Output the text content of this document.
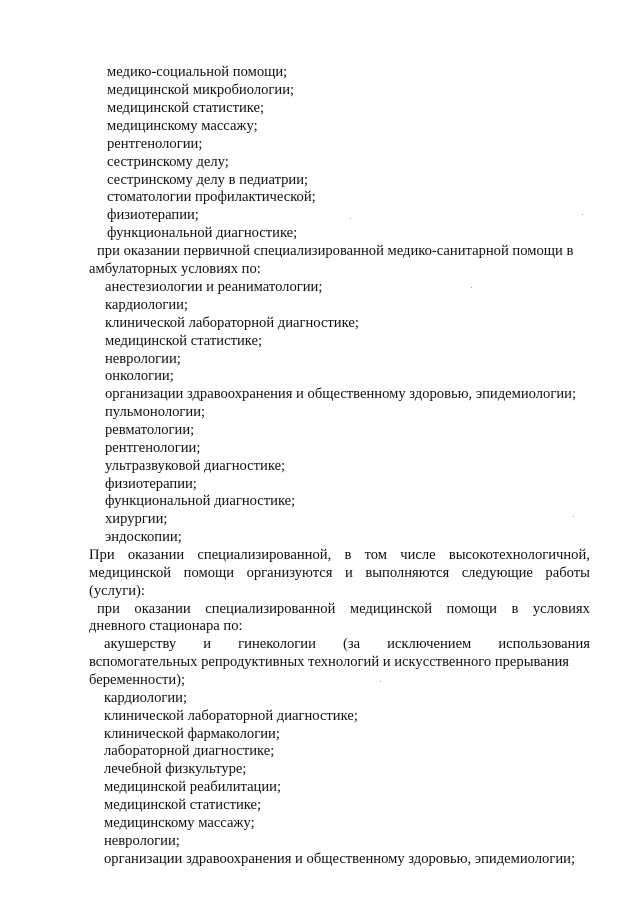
медико-социальной помощи;
медицинской микробиологии;
медицинской статистике;
медицинскому массажу;
рентгенологии;
сестринскому делу;
сестринскому делу в педиатрии;
стоматологии профилактической;
физиотерапии;
функциональной диагностике;
при оказании первичной специализированной медико-санитарной помощи в
амбулаторных условиях по:
анестезиологии и реаниматологии;
кардиологии;
клинической лабораторной диагностике;
медицинской статистике;
неврологии;
онкологии;
организации здравоохранения и общественному здоровью, эпидемиологии;
пульмонологии;
ревматологии;
рентгенологии;
ультразвуковой диагностике;
физиотерапии;
функциональной диагностике;
хирургии;
эндоскопии;
При оказании специализированной, в том числе высокотехнологичной,
медицинской помощи организуются и выполняются следующие работы
(услуги):
при оказании специализированной медицинской помощи в условиях
дневного стационара по:
акушерству и гинекологии (за исключением использования
вспомогательных репродуктивных технологий и искусственного прерывания
беременности);
кардиологии;
клинической лабораторной диагностике;
клинической фармакологии;
лабораторной диагностике;
лечебной физкультуре;
медицинской реабилитации;
медицинской статистике;
медицинскому массажу;
неврологии;
организации здравоохранения и общественному здоровью, эпидемиологии;
